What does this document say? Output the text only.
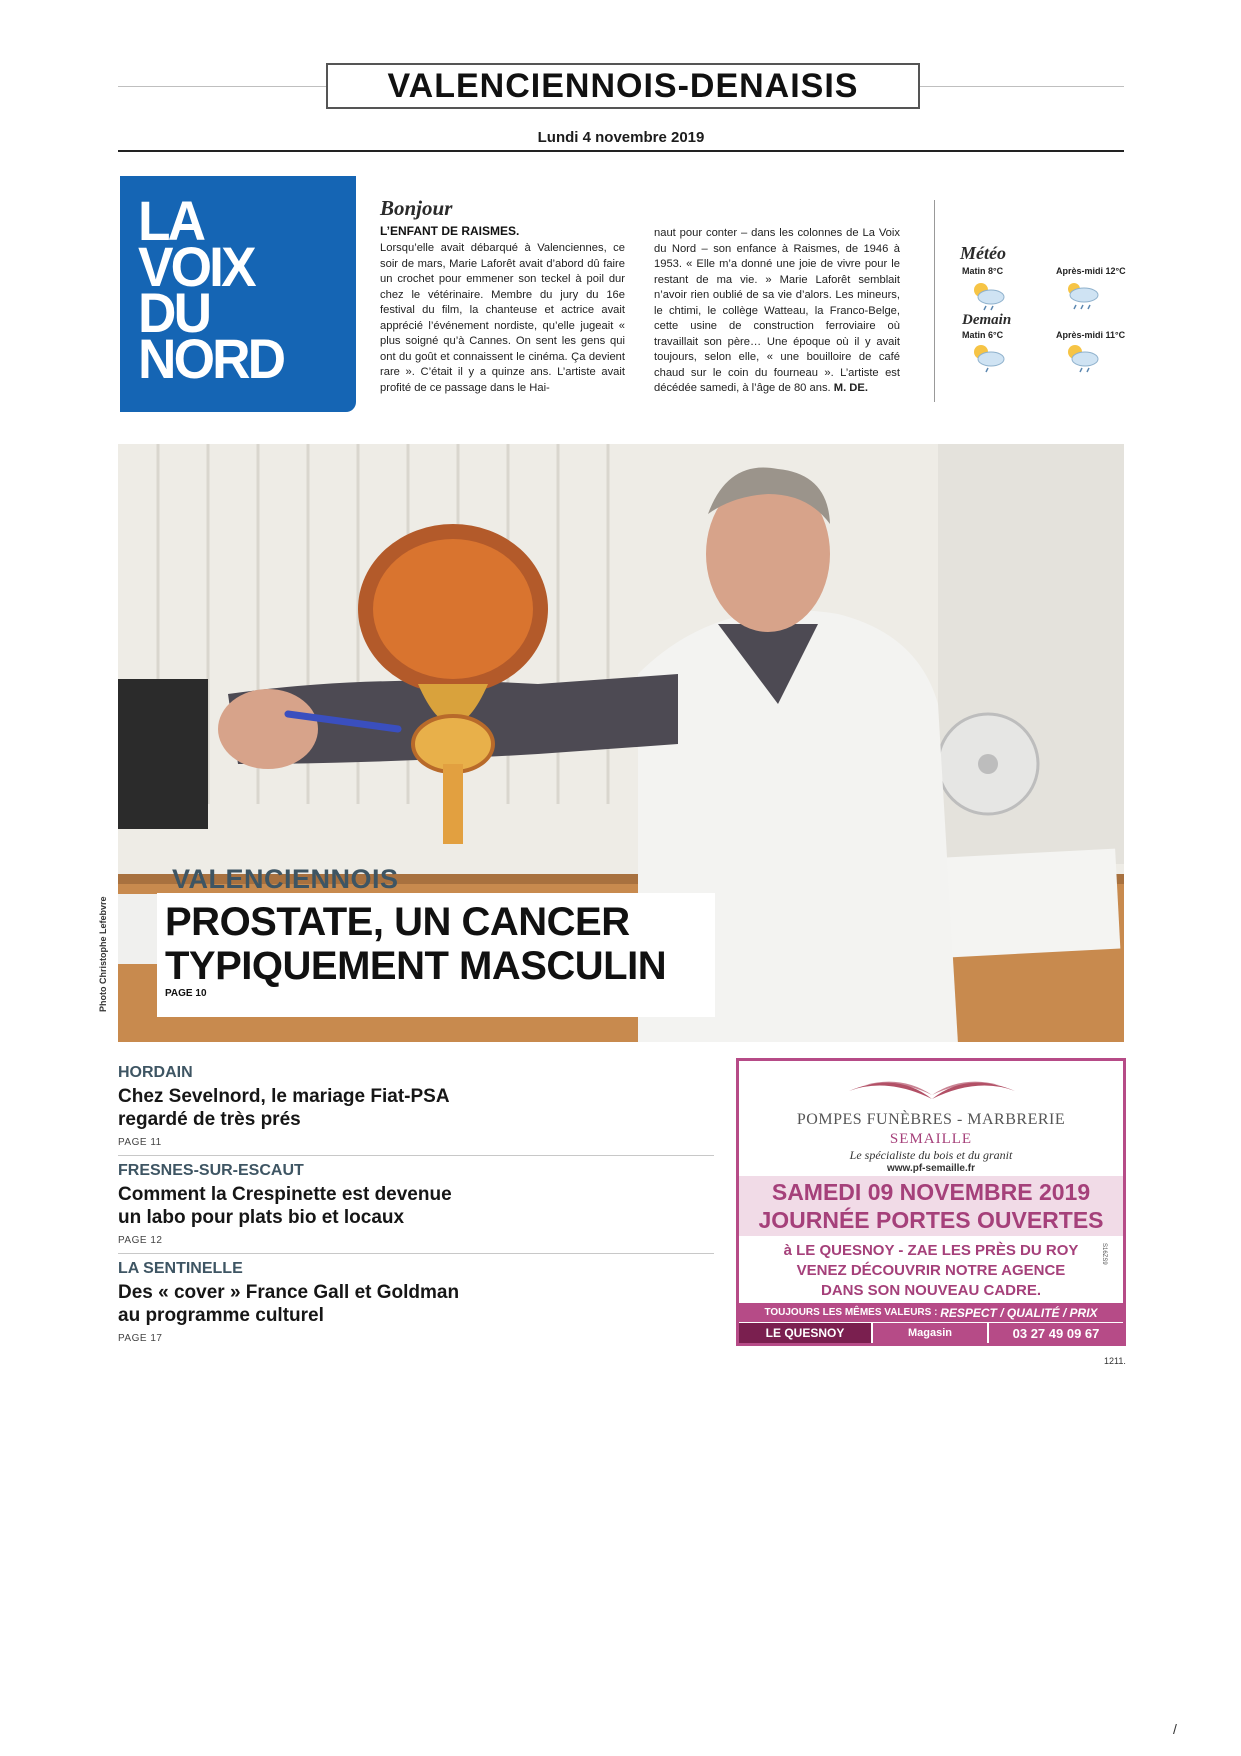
VALENCIENNOIS-DENAISIS
Lundi 4 novembre 2019
LA
VOIX
DU
NORD
Bonjour
L’ENFANT DE RAISMES.
Lorsqu’elle avait débarqué à Valenciennes, ce soir de mars, Marie Laforêt avait d’abord dû faire un crochet pour emmener son teckel à poil dur chez le vétérinaire. Membre du jury du 16e festival du film, la chanteuse et actrice avait apprécié l’événement nordiste, qu’elle jugeait « plus soigné qu’à Cannes. On sent les gens qui ont du goût et connaissent le cinéma. Ça devient rare ». C’était il y a quinze ans. L’artiste avait profité de ce passage dans le Hai-
naut pour conter – dans les colonnes de La Voix du Nord – son enfance à Raismes, de 1946 à 1953. « Elle m’a donné une joie de vivre pour le restant de ma vie. » Marie Laforêt semblait n’avoir rien oublié de sa vie d’alors. Les mineurs, le chtimi, le collège Watteau, la Franco-Belge, cette usine de construction ferroviaire où travaillait son père… Une époque où il y avait toujours, selon elle, « une bouilloire de café chaud sur le coin du fourneau ». L’artiste est décédée samedi, à l’âge de 80 ans. M. DE.
Météo
Matin 8°C	Après-midi 12°C
Demain
Matin 6°C	Après-midi 11°C
Photo Christophe Lefebvre
VALENCIENNOIS
PROSTATE, UN CANCER
TYPIQUEMENT MASCULIN
PAGE 10
HORDAIN
Chez Sevelnord, le mariage Fiat-PSA
regardé de très prés
PAGE 11
FRESNES-SUR-ESCAUT
Comment la Crespinette est devenue
un labo pour plats bio et locaux
PAGE 12
LA SENTINELLE
Des « cover » France Gall et Goldman
au programme culturel
PAGE 17
POMPES FUNÈBRES - MARBRERIE
SEMAILLE
Le spécialiste du bois et du granit
www.pf-semaille.fr
SAMEDI 09 NOVEMBRE 2019
JOURNÉE PORTES OUVERTES
à LE QUESNOY - ZAE LES PRÈS DU ROY
VENEZ DÉCOUVRIR NOTRE AGENCE
DANS SON NOUVEAU CADRE.
S16ZS9
TOUJOURS LES MÊMES VALEURS :
RESPECT / QUALITÉ / PRIX
LE QUESNOY	Magasin	03 27 49 09 67
1211.
/
